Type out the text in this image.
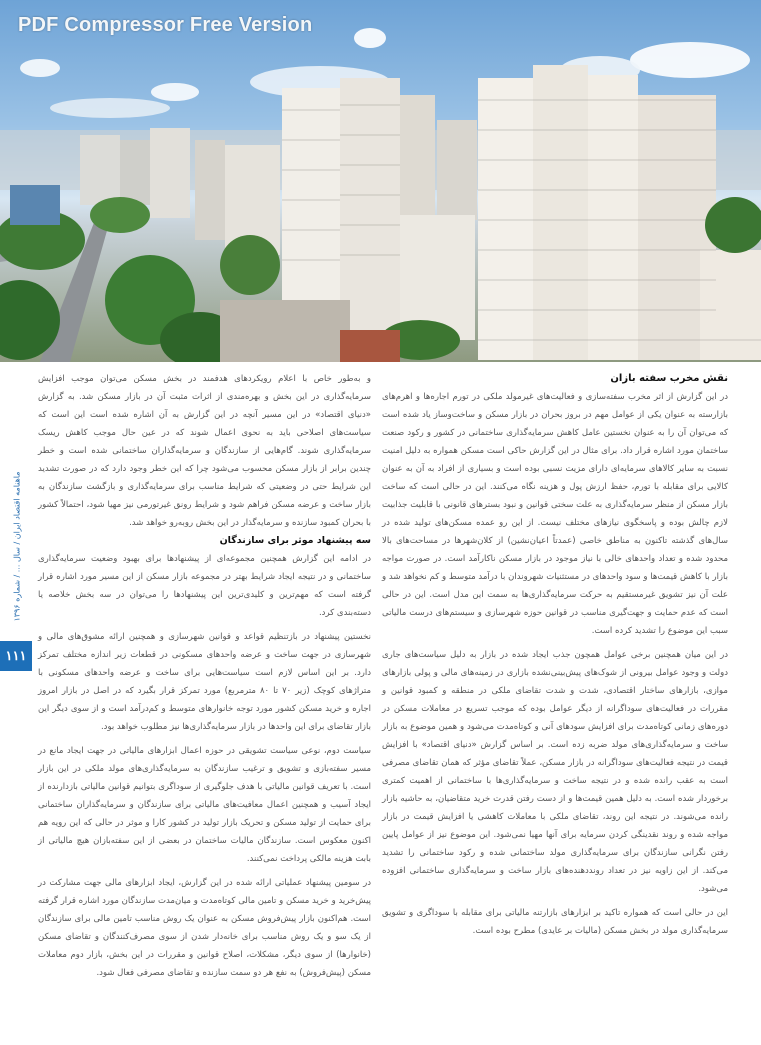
PDF Compressor Free Version
ماهنامه اقتصاد ایران / سال ... / شماره ۱۳۹۶
۱۱۱
نقش مخرب سفته بازان

در این گزارش از اثر مخرب سفته‌سازی و فعالیت‌های غیرمولد ملکی در تورم اجاره‌ها و اهرم‌های بازارسته به عنوان یکی از عوامل مهم در بروز بحران در بازار مسکن و ساخت‌وساز یاد شده است که می‌توان آن را به عنوان نخستین عامل کاهش سرمایه‌گذاری ساختمانی در کشور و رکود صنعت ساختمان مورد اشاره قرار داد. برای مثال در این گزارش حاکی است مسکن همواره به دلیل امنیت نسبت به سایر کالاهای سرمایه‌ای دارای مزیت نسبی بوده است و بسیاری از افراد به آن به عنوان کالایی برای مقابله با تورم، حفظ ارزش پول و هزینه نگاه می‌کنند. این در حالی است که ساخت بازار مسکن از منظر سرمایه‌گذاری به علت سختی قوانین و نبود بسترهای قانونی با قابلیت جذابیت لازم چالش بوده و پاسخگوی نیازهای مختلف نیست. از این رو عمده مسکن‌های تولید شده در سال‌های گذشته تاکنون به مناطق خاصی (عمدتاً اعیان‌نشین) از کلان‌شهرها در مساحت‌های بالا محدود شده و تعداد واحدهای خالی با نیاز موجود در بازار مسکن ناکارآمد است. در صورت مواجه بازار با کاهش قیمت‌ها و سود واحدهای در مستثنیات شهروندان با درآمد متوسط و کم نخواهد شد و علت آن نیز تشویق غیرمستقیم به حرکت سرمایه‌گذاری‌ها به سمت این مدل است. این در حالی است که عدم حمایت و جهت‌گیری مناسب در قوانین حوزه شهرسازی و سیستم‌های درست مالیاتی سبب این موضوع را تشدید کرده است.

در این میان همچنین برخی عوامل همچون جذب ایجاد شده در بازار به دلیل سیاست‌های جاری دولت و وجود عوامل بیرونی از شوک‌های پیش‌بینی‌نشده بازاری در زمینه‌های مالی و پولی بازارهای موازی، بازارهای ساختار اقتصادی، شدت و شدت تقاضای ملکی در منطقه و کمبود قوانین و مقررات در فعالیت‌های سوداگرانه از دیگر عوامل بوده که موجب تسریع در معاملات مسکن در دوره‌های زمانی کوتاه‌مدت برای افزایش سودهای آنی و کوتاه‌مدت می‌شود و همین موضوع به بازار ساخت و سرمایه‌گذاری‌های مولد ضربه زده است. بر اساس گزارش «دنیای اقتصاد» با افزایش قیمت در نتیجه فعالیت‌های سوداگرانه در بازار مسکن، عملاً تقاضای مؤثر که همان تقاضای مصرفی است به عقب رانده شده و در نتیجه ساخت و سرمایه‌گذاری‌ها با ساختمانی از اهمیت کمتری برخوردار شده است. به دلیل همین قیمت‌ها و از دست رفتن قدرت خرید متقاضیان، به حاشیه بازار رانده می‌شوند. در نتیجه این روند، تقاضای ملکی با معاملات کاهشی یا افزایش قیمت در بازار مواجه شده و روند نقدینگی کردن سرمایه برای آنها مهیا نمی‌شود. این موضوع نیز از عوامل پایین رفتن نگرانی سازندگان برای سرمایه‌گذاری مولد ساختمانی شده و رکود ساختمانی را تشدید می‌کند. از این زاویه نیز در تعداد رونددهنده‌های بازار ساخت و سرمایه‌گذاری ساختمانی افزوده می‌شود.

این در حالی است که همواره تاکید بر ابزارهای بازارتنه مالیاتی برای مقابله با سوداگری و تشویق سرمایه‌گذاری مولد در بخش مسکن (مالیات بر عایدی) مطرح بوده است.

و به‌طور خاص با اعلام رویکردهای هدفمند در بخش مسکن می‌توان موجب افزایش سرمایه‌گذاری در این بخش و بهره‌مندی از اثرات مثبت آن در بازار مسکن شد. به گزارش «دنیای اقتصاد» در این مسیر آنچه در این گزارش به آن اشاره شده است این است که سیاست‌های اصلاحی باید به نحوی اعمال شوند که در عین حال موجب کاهش ریسک سرمایه‌گذاری شوند. گام‌هایی از سازندگان و سرمایه‌گذاران ساختمانی شده است و خطر چندین برابر از بازار مسکن محسوب می‌شود چرا که این خطر وجود دارد که در صورت تشدید این شرایط حتی در وضعیتی که شرایط مناسب برای سرمایه‌گذاری و بازگشت سازندگان به بازار ساخت و عرضه مسکن فراهم شود و شرایط رونق غیرتورمی نیز مهیا شود، احتمالاً کشور با بحران کمبود سازنده و سرمایه‌گذار در این بخش روبه‌رو خواهد شد.

سه پیشنهاد موثر برای سازندگان

در ادامه این گزارش همچنین مجموعه‌ای از پیشنهادها برای بهبود وضعیت سرمایه‌گذاری ساختمانی و در نتیجه ایجاد شرایط بهتر در مجموعه بازار مسکن از این مسیر مورد اشاره قرار گرفته است که مهم‌ترین و کلیدی‌ترین این پیشنهادها را می‌توان در سه بخش خلاصه یا دسته‌بندی کرد.

نخستین پیشنهاد در بازتنظیم قواعد و قوانین شهرسازی و همچنین ارائه مشوق‌های مالی و شهرسازی در جهت ساخت و عرضه واحدهای مسکونی در قطعات زیر اندازه مختلف تمرکز دارد. بر این اساس لازم است سیاست‌هایی برای ساخت و عرضه واحدهای مسکونی با متراژهای کوچک (زیر ۷۰ تا ۸۰ مترمربع) مورد تمرکز قرار بگیرد که در اصل در بازار امروز اجاره و خرید مسکن کشور مورد توجه خانوارهای متوسط و کم‌درآمد است و از سوی دیگر این بازار تقاضای برای این واحدها در بازار سرمایه‌گذاری‌ها نیز مطلوب خواهد بود.

سیاست دوم، نوعی سیاست تشویقی در حوزه اعمال ابزارهای مالیاتی در جهت ایجاد مانع در مسیر سفته‌بازی و تشویق و ترغیب سازندگان به سرمایه‌گذاری‌های مولد ملکی در این بازار است. با تعریف قوانین مالیاتی با هدف جلوگیری از سوداگری بتوانیم قوانین مالیاتی بازدارنده از ایجاد آسیب و همچنین اعمال معافیت‌های مالیاتی برای سازندگان و سرمایه‌گذاران ساختمانی برای حمایت از تولید مسکن و تحریک بازار تولید در کشور کارا و موثر در حالی که این رویه هم اکنون معکوس است. سازندگان مالیات ساختمان در بعضی از این سفته‌بازان هیچ مالیاتی از بابت هزینه مالکی پرداخت نمی‌کنند.

در سومین پیشنهاد عملیاتی ارائه شده در این گزارش، ایجاد ابزارهای مالی جهت مشارکت در پیش‌خرید و خرید مسکن و تامین مالی کوتاه‌مدت و میان‌مدت سازندگان مورد اشاره قرار گرفته است. هم‌اکنون بازار پیش‌فروش مسکن به عنوان یک روش مناسب تامین مالی برای سازندگان از یک سو و یک روش مناسب برای خانه‌دار شدن از سوی مصرف‌کنندگان و تقاضای مسکن (خانوارها) از سوی دیگر، مشکلات، اصلاح قوانین و مقررات در این بخش، بازار دوم معاملات مسکن (پیش‌فروش) به نفع هر دو سمت سازنده و تقاضای مصرفی فعال شود.
